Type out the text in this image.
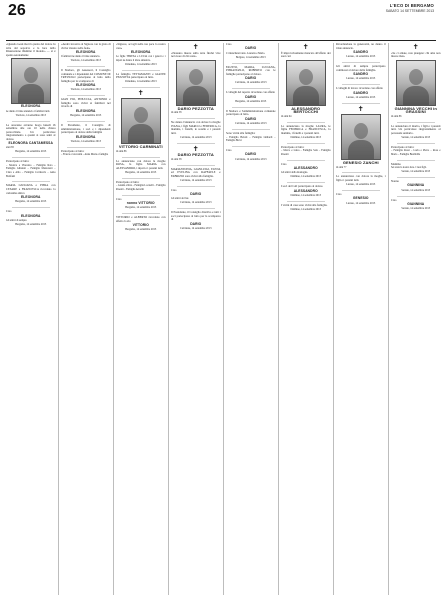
26	L'ECO DI BERGAMO
SABATO 14 SETTEMBRE 2013

«Quando Gesù morì la pietra del dolore fu tolta dal sepolcro e la luce della Risurrezione illuminò il mondo» — si è spenta serenamente

ELEONORA

ne danno il triste annuncio i familiari tutti.

Treviolo, 14 settembre 2013

Le onoranze avranno luogo lunedì 16 settembre alle ore 10 nella chiesa parrocchiale. Un particolare ringraziamento a quanti si sono uniti al dolore.

ELEONORA CANTAMESSA

anni 83

Bergamo, 14 settembre 2013

Partecipano al lutto:

– Monica e Vincenzo – Famiglia Rota – Famiglia Ghisleni – Famiglia Mazzoleni – Clara e Aldo – Famiglia Cortinovis – Anna Bonfanti

MARIA GIULIANA e PIERA con CESARE e FRANCESCA ricordano la carissima amica

ELEONORA
Bergamo, 14 settembre 2013

Ciao

ELEONORA

Gli amici di sempre.

Bergamo, 14 settembre 2013

«Andrò incontro al Signore con la gioia di chi ha vissuto nella fede»

ELEONORA

I familiari ne danno il triste annuncio.

Treviolo, 14 settembre 2013

Il Sindaco, gli Assessori, il Consiglio comunale e i dipendenti del COMUNE DI TREVIOLO partecipano al lutto della famiglia per la scomparsa di

ELEONORA
Treviolo, 14 settembre 2013

GIAN PIO, PINUCCIA, ANTONIO e famiglia sono vicini ai familiari nel ricordo di

ELEONORA
Bergamo, 14 settembre 2013

Il Presidente, il Consiglio di amministrazione, i soci e i dipendenti partecipano al dolore della famiglia

ELEONORA
Treviolo, 14 settembre 2013

Partecipano al lutto:

– Franca e Giovanni – Anna Maria e famiglia

«Signore, accogli nella tua pace la nostra cara»

ELEONORA

Le figlie TERESA e LUCIA con i generi e i nipoti ne danno il triste annuncio.

Chiuduno, 14 settembre 2013

La famiglia TETTAMANTI e GIANNI PEZZOTTA partecipano al lutto.

Chiuduno, 14 settembre 2013
✝
VITTORIO CARMINATI

di anni 86

Lo annunciano con dolore la moglie ROSA, la figlia MARIA con ALESSANDRO, i nipoti e i parenti tutti.

Bergamo, 14 settembre 2013

Partecipano al lutto:

– Gianni e Rita – Famiglia Locatelli – Famiglia Pesenti – Famiglia Arnoldi

Ciao

nonno VITTORIO
Bergamo, 14 settembre 2013

VITTORIO e ALBERTO ricordano con affetto lo zio

VITTORIO
Bergamo, 14 settembre 2013
✝

«Nessuno muore sulla terra finché vive nel cuore di chi resta»

DARIO PEZZOTTA

di anni 58

Ne danno l'annuncio con dolore la moglie IVANA, i figli MARCO e FEDERICA, la mamma, i fratelli, le sorelle e i parenti tutti.

Calcinate, 14 settembre 2013
✝
DARIO PEZZOTTA

di anni 58

MARIANTONIA, GIANLUIGI, ELENA ed EVELINA con RAFFAELE e FABRIZIO sono vicini alla famiglia.

Calcinate, 14 settembre 2013

Ciao

DARIO

Gli amici del bar.

Calcinate, 14 settembre 2013

Il Presidente, il Consiglio direttivo e tutti i soci partecipano al lutto per la scomparsa di

DARIO
Calcinate, 14 settembre 2013

Ciao

DARIO

Ci mancherai tanto. Lauretta e Mario.

Bolgare, 14 settembre 2013

FAUSTO, MARIA, LUCIANA, PIERANGELO, ROBERTO con le famiglie partecipano al dolore.

DARIO
Calcinate, 14 settembre 2013

I colleghi del reparto ricordano con affetto

DARIO
Bergamo, 14 settembre 2013

Il Sindaco e l'Amministrazione comunale partecipano al lutto.

DARIO
Calcinate, 14 settembre 2013

Sono vicini alla famiglia:

– Famiglia Belotti – Famiglia Ghilardi – Famiglia Brevi

Ciao

DARIO
Calcinate, 14 settembre 2013
✝

È improvvisamente mancato all'affetto dei suoi cari

ALESSANDRO BERTOCCHI

di anni 64

Lo annunciano la moglie LAURA, le figlie FEDERICA e FRANCESCA, la mamma, i fratelli e i parenti tutti.

Dalmine, 14 settembre 2013

Partecipano al lutto:

– Marco e Luisa – Famiglia Sala – Famiglia Pesenti

Ciao

ALESSANDRO

Gli amici della montagna.

Dalmine, 14 settembre 2013

I soci del CAI partecipano al dolore.

ALESSANDRO
Dalmine, 14 settembre 2013

I vicini di casa sono vicini alla famiglia.

Dalmine, 14 settembre 2013

Ricordandone la generosità, ne danno il triste annuncio.

SANDRO
Lurano, 14 settembre 2013

Gli amici di sempre partecipano commossi al dolore della famiglia.

SANDRO
Lurano, 14 settembre 2013

I colleghi di lavoro ricordano con affetto

SANDRO
Lurano, 14 settembre 2013
✝
GENESIO ZANCHI

di anni 77

Lo annunciano con dolore la moglie, i figli e i parenti tutti.

Lurano, 14 settembre 2013

Ciao

GENESIO
Lurano, 14 settembre 2013
✝

«Se ci amate, non piangete: chi ama non muore mai»

GIANNINA VECCHI in GRASSINI

di anni 86

Lo annunciano il marito, i figli e i parenti tutti. Un particolare ringraziamento al personale sanitario.

Seriate, 14 settembre 2013

Partecipano al lutto:

– Famiglia Rossi – Lucia e Pietro – Rosa e Mario – Famiglia Brembilla

Mamma

Sei stata la nostra luce. I tuoi figli.

Seriate, 14 settembre 2013

Nonna

GIANNINA
Seriate, 14 settembre 2013

Ciao

GIANNINA
Seriate, 14 settembre 2013
